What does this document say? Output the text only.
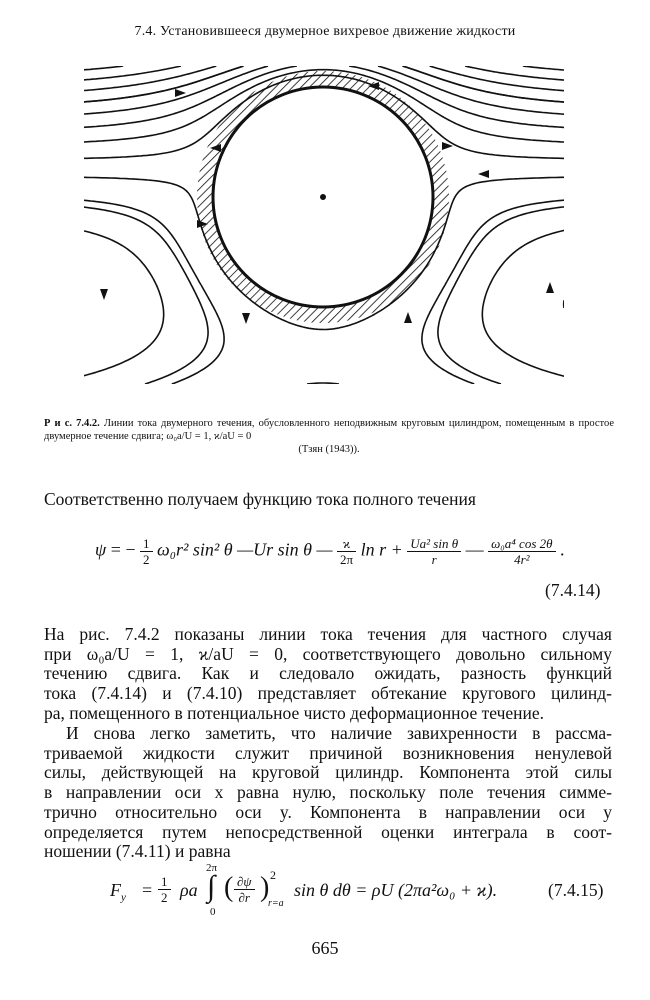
7.4. Установившееся двумерное вихревое движение жидкости
Р и с. 7.4.2. Линии тока двумерного течения, обусловленного неподвижным круговым цилиндром, помещенным в простое двумерное течение сдвига; ω₀a/U = 1, ϰ/aU = 0
(Тзян (1943)).
Соответственно получаем функцию тока полного течения
ψ = − $\frac{1}{2} \omega_0r^2$ sin² θ —Ur sin θ — $\frac{ϰ}{2\pi}$ $\ln r + \frac{\text{Ua² sin θ}}{r}$ — $\frac{\text{ω₀a⁴ cos 2θ}}{\text{4r²}}$ .
(7.4.14)
На рис. 7.4.2 показаны линии тока течения для частного случая
при ω₀a/U = 1, ϰ/aU = 0, соответствующего довольно сильному
течению сдвига. Как и следовало ожидать, разность функций
тока (7.4.14) и (7.4.10) представляет обтекание кругового цилинд-
ра, помещенного в потенциальное чисто деформационное течение.
И снова легко заметить, что наличие завихренности в рассма-
триваемой жидкости служит причиной возникновения ненулевой
силы, действующей на круговой цилиндр. Компонента этой силы
в направлении оси x равна нулю, поскольку поле течения симме-
трично относительно оси y. Компонента в направлении оси y
определяется путем непосредственной оценки интеграла в соот-
ношении (7.4.11) и равна
$F_y = \frac{1}{2}$ ρa
2π
∫
0
( $\frac{\partial\psi}{\partial r}$ ) 2
r=a
sin θ dθ = ρU (2πa²ω₀ + ϰ).	(7.4.15)
665
